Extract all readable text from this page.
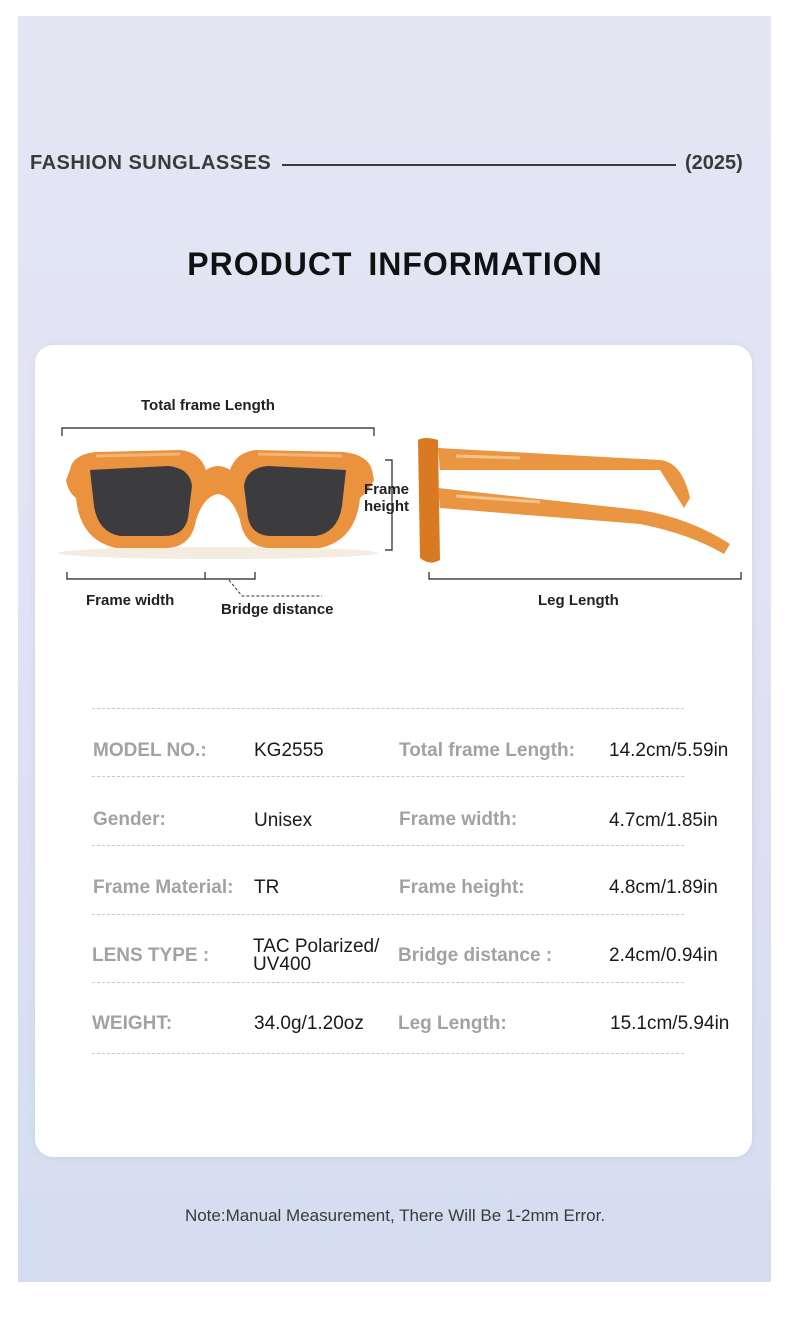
FASHION SUNGLASSES	(2025)
PRODUCT INFORMATION
Total frame Length
Frame
height
Frame width
Bridge distance
Leg Length
MODEL NO.: KG2555	Total frame Length: 14.2cm/5.59in
Gender:	Unisex	Frame width:	4.7cm/1.85in
Frame Material: TR	Frame height:	4.8cm/1.89in
LENS TYPE : TAC Polarized/
UV400	Bridge distance :	2.4cm/0.94in
WEIGHT:	34.0g/1.20oz Leg Length:	15.1cm/5.94in
Note:Manual Measurement, There Will Be 1-2mm Error.
